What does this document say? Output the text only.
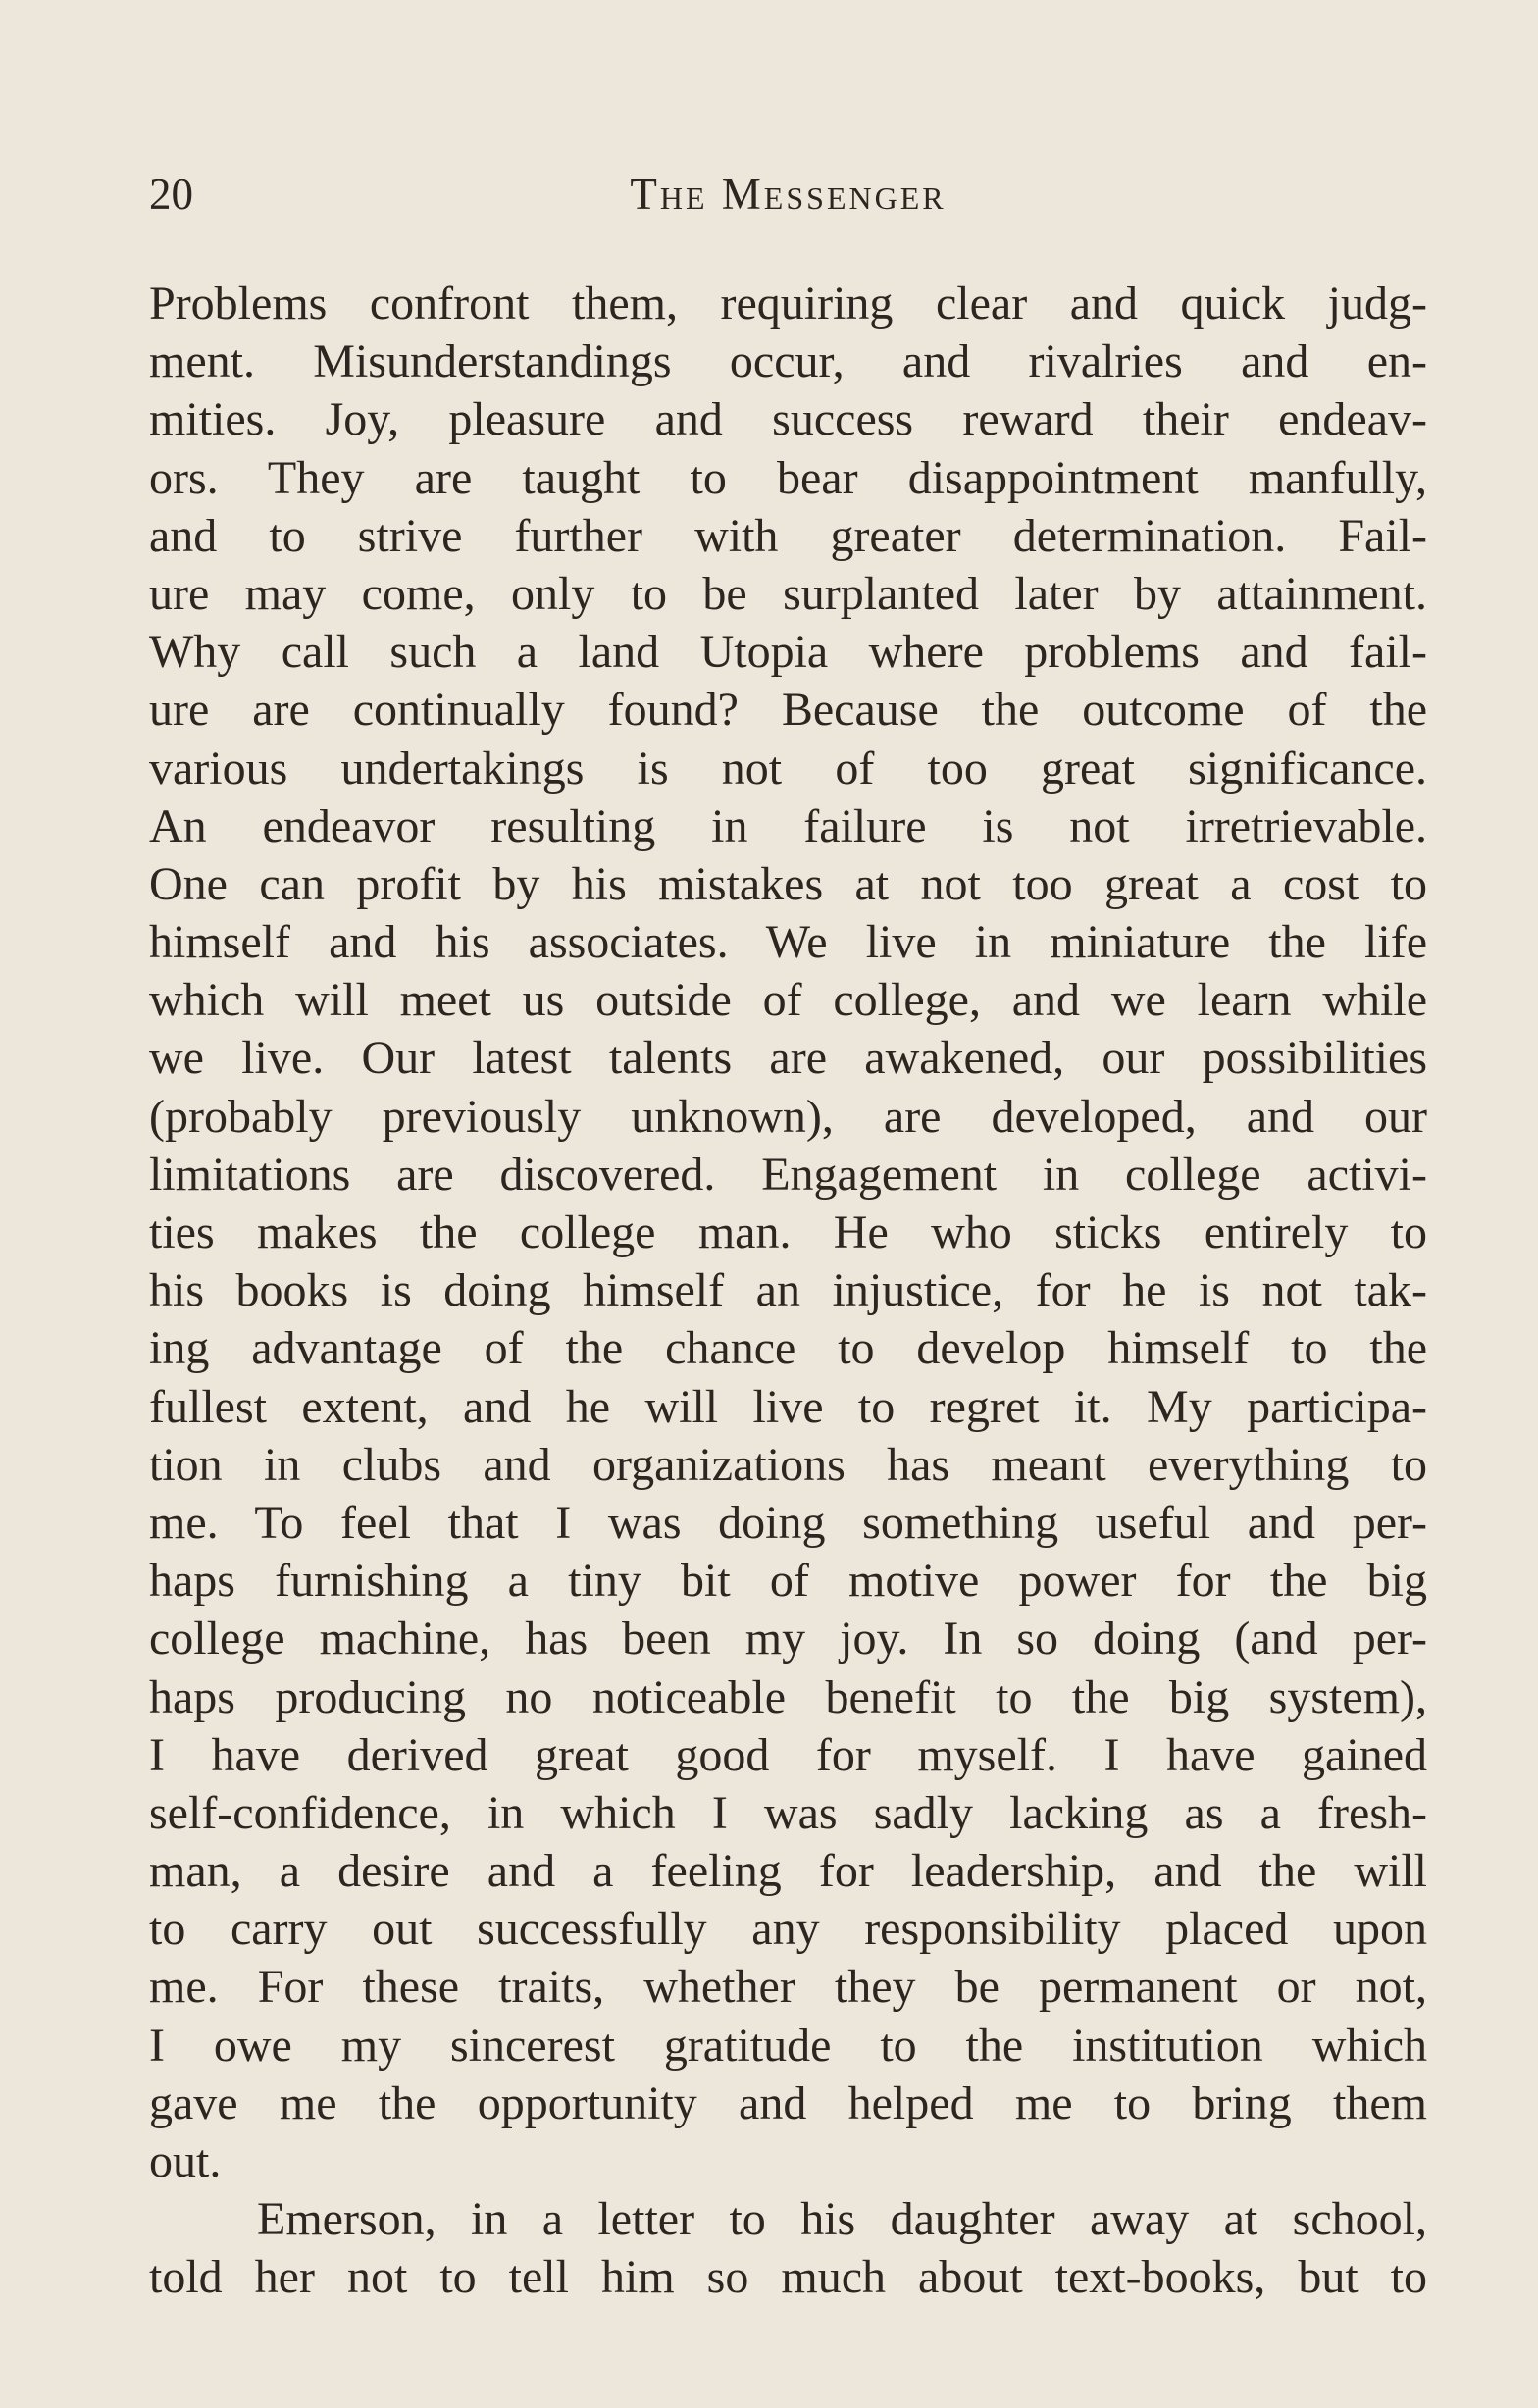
20	The Messenger
Problems confront them, requiring clear and quick judg-
ment. Misunderstandings occur, and rivalries and en-
mities. Joy, pleasure and success reward their endeav-
ors. They are taught to bear disappointment manfully,
and to strive further with greater determination. Fail-
ure may come, only to be surplanted later by attainment.
Why call such a land Utopia where problems and fail-
ure are continually found? Because the outcome of the
various undertakings is not of too great significance.
An endeavor resulting in failure is not irretrievable.
One can profit by his mistakes at not too great a cost to
himself and his associates. We live in miniature the life
which will meet us outside of college, and we learn while
we live. Our latest talents are awakened, our possibilities
(probably previously unknown), are developed, and our
limitations are discovered. Engagement in college activi-
ties makes the college man. He who sticks entirely to
his books is doing himself an injustice, for he is not tak-
ing advantage of the chance to develop himself to the
fullest extent, and he will live to regret it. My participa-
tion in clubs and organizations has meant everything to
me. To feel that I was doing something useful and per-
haps furnishing a tiny bit of motive power for the big
college machine, has been my joy. In so doing (and per-
haps producing no noticeable benefit to the big system),
I have derived great good for myself. I have gained
self-confidence, in which I was sadly lacking as a fresh-
man, a desire and a feeling for leadership, and the will
to carry out successfully any responsibility placed upon
me. For these traits, whether they be permanent or not,
I owe my sincerest gratitude to the institution which
gave me the opportunity and helped me to bring them
out.
Emerson, in a letter to his daughter away at school,
told her not to tell him so much about text-books, but to
